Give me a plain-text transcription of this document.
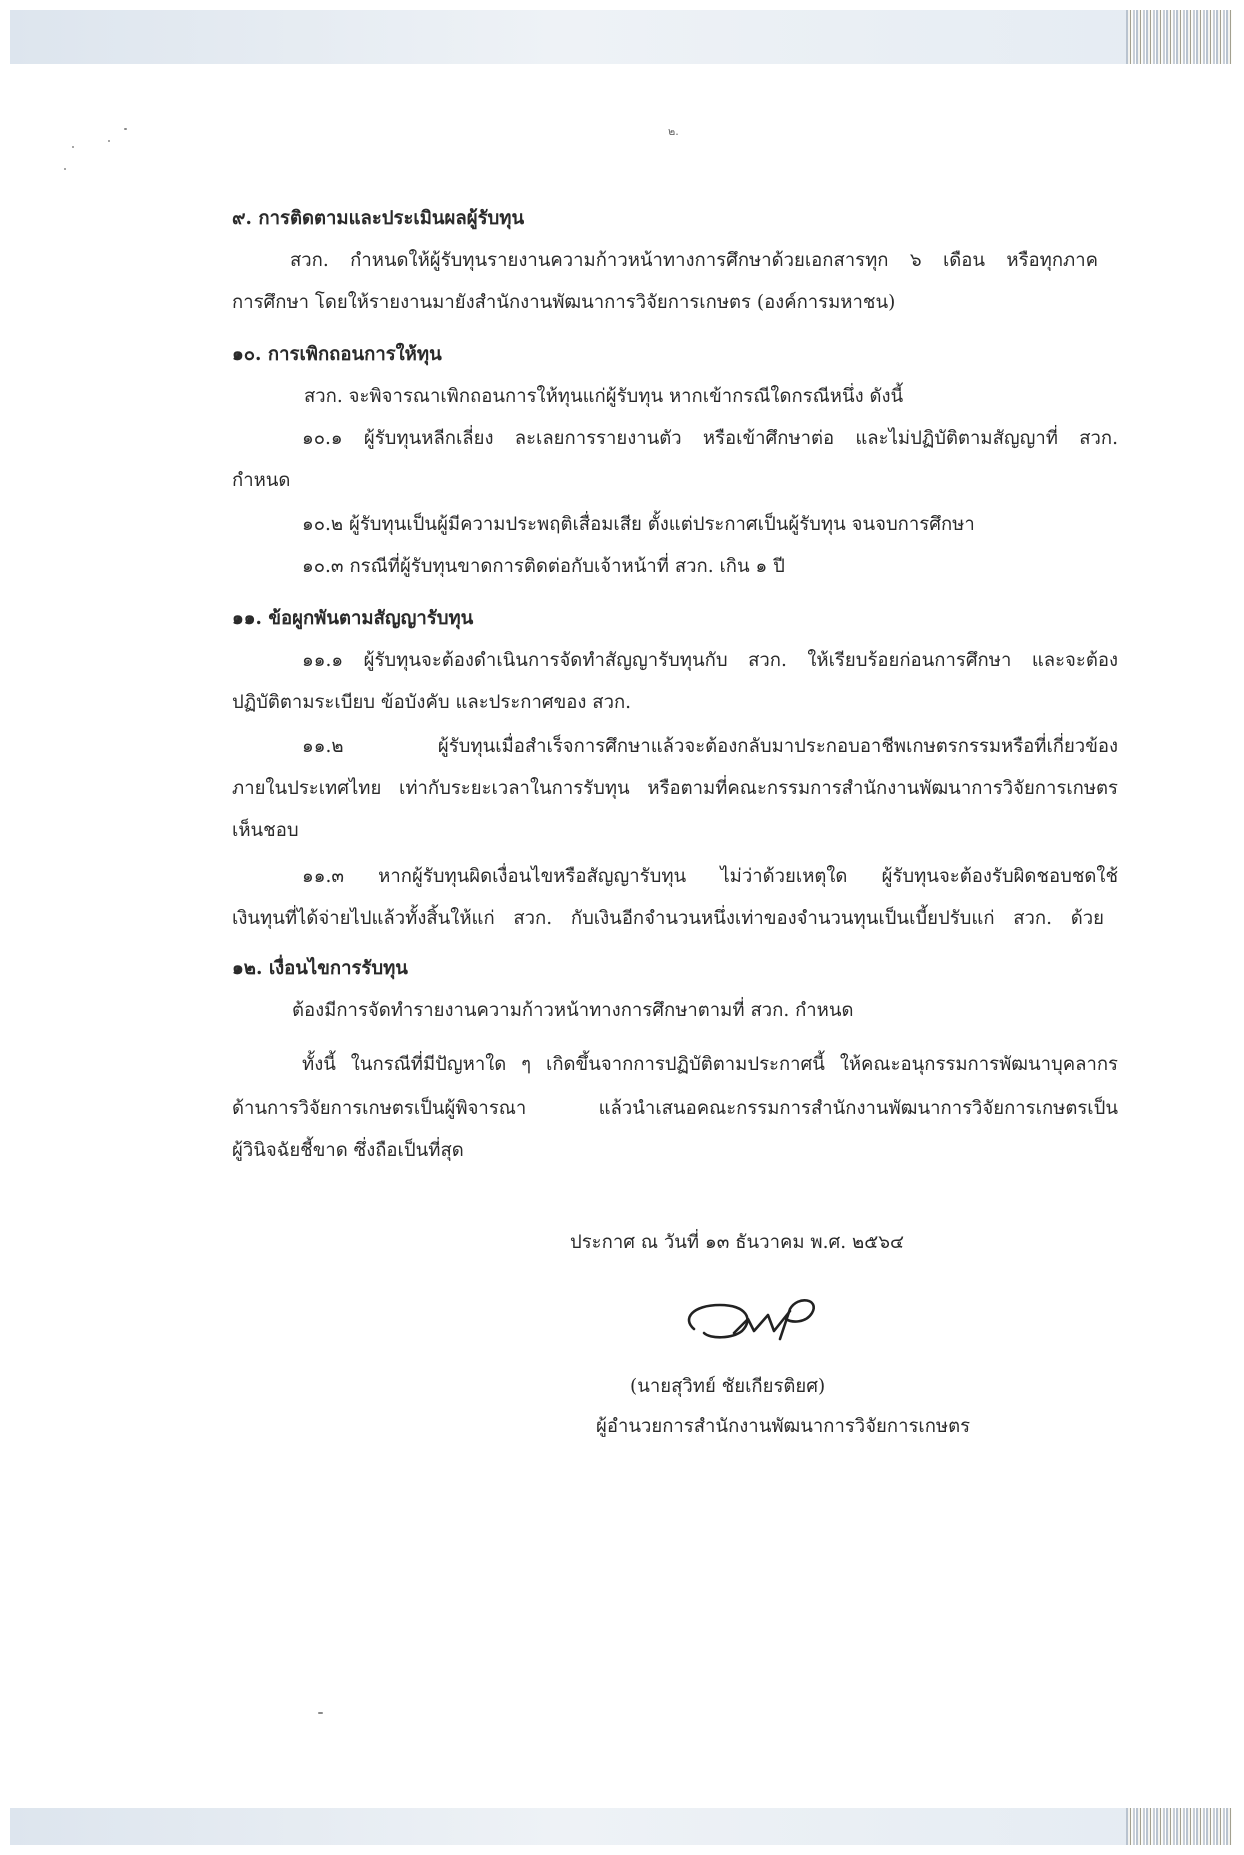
๒.
๙. การติดตามและประเมินผลผู้รับทุน
สวก. กำหนดให้ผู้รับทุนรายงานความก้าวหน้าทางการศึกษาด้วยเอกสารทุก ๖ เดือน หรือทุกภาค
การศึกษา โดยให้รายงานมายังสำนักงานพัฒนาการวิจัยการเกษตร (องค์การมหาชน)
๑๐. การเพิกถอนการให้ทุน
สวก. จะพิจารณาเพิกถอนการให้ทุนแก่ผู้รับทุน หากเข้ากรณีใดกรณีหนึ่ง ดังนี้
๑๐.๑ ผู้รับทุนหลีกเลี่ยง ละเลยการรายงานตัว หรือเข้าศึกษาต่อ และไม่ปฏิบัติตามสัญญาที่ สวก.
กำหนด
๑๐.๒ ผู้รับทุนเป็นผู้มีความประพฤติเสื่อมเสีย ตั้งแต่ประกาศเป็นผู้รับทุน จนจบการศึกษา
๑๐.๓ กรณีที่ผู้รับทุนขาดการติดต่อกับเจ้าหน้าที่ สวก. เกิน ๑ ปี
๑๑. ข้อผูกพันตามสัญญารับทุน
๑๑.๑ ผู้รับทุนจะต้องดำเนินการจัดทำสัญญารับทุนกับ สวก. ให้เรียบร้อยก่อนการศึกษา และจะต้อง
ปฏิบัติตามระเบียบ ข้อบังคับ และประกาศของ สวก.
๑๑.๒ ผู้รับทุนเมื่อสำเร็จการศึกษาแล้วจะต้องกลับมาประกอบอาชีพเกษตรกรรมหรือที่เกี่ยวข้อง
ภายในประเทศไทย เท่ากับระยะเวลาในการรับทุน หรือตามที่คณะกรรมการสำนักงานพัฒนาการวิจัยการเกษตร
เห็นชอบ
๑๑.๓ หากผู้รับทุนผิดเงื่อนไขหรือสัญญารับทุน ไม่ว่าด้วยเหตุใด ผู้รับทุนจะต้องรับผิดชอบชดใช้
เงินทุนที่ได้จ่ายไปแล้วทั้งสิ้นให้แก่ สวก. กับเงินอีกจำนวนหนึ่งเท่าของจำนวนทุนเป็นเบี้ยปรับแก่ สวก. ด้วย
๑๒. เงื่อนไขการรับทุน
ต้องมีการจัดทำรายงานความก้าวหน้าทางการศึกษาตามที่ สวก. กำหนด
ทั้งนี้ ในกรณีที่มีปัญหาใด ๆ เกิดขึ้นจากการปฏิบัติตามประกาศนี้ ให้คณะอนุกรรมการพัฒนาบุคลากร
ด้านการวิจัยการเกษตรเป็นผู้พิจารณา แล้วนำเสนอคณะกรรมการสำนักงานพัฒนาการวิจัยการเกษตรเป็น
ผู้วินิจฉัยชี้ขาด ซึ่งถือเป็นที่สุด
ประกาศ ณ วันที่ ๑๓ ธันวาคม พ.ศ. ๒๕๖๔
(นายสุวิทย์ ชัยเกียรติยศ)
ผู้อำนวยการสำนักงานพัฒนาการวิจัยการเกษตร
